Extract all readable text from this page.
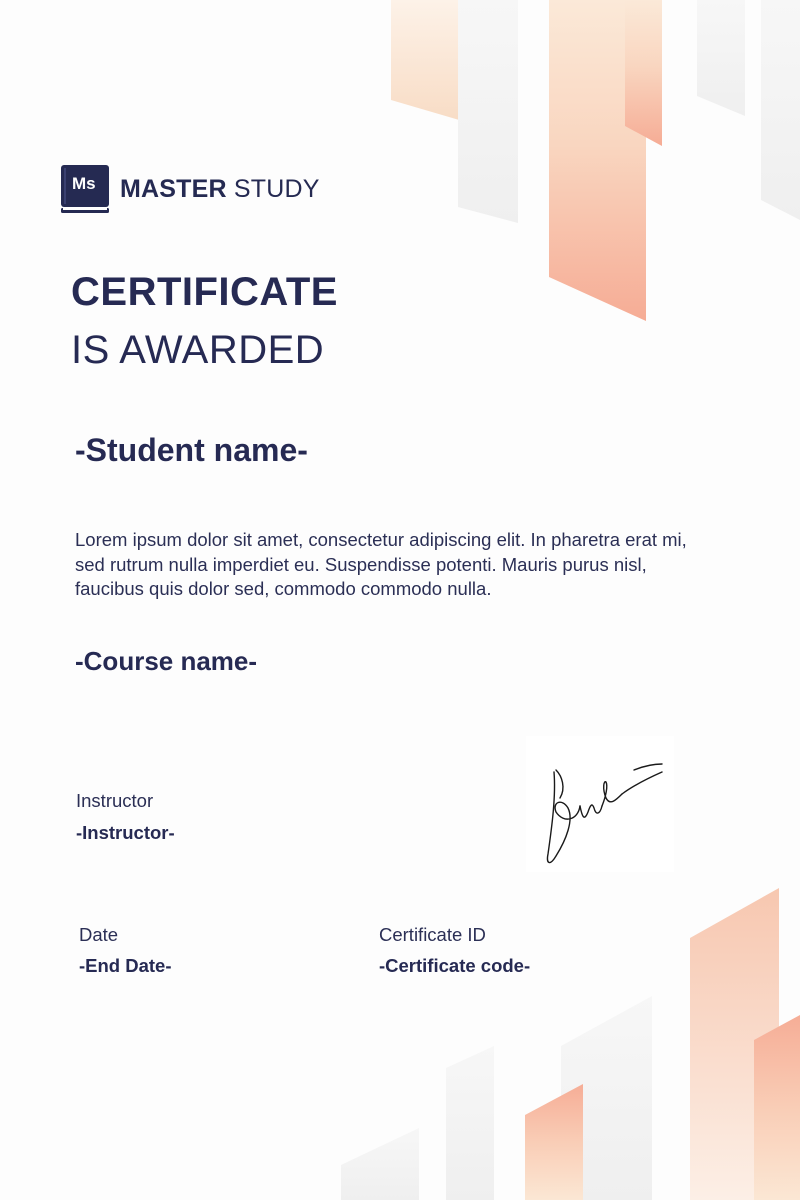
Ms MASTER STUDY
CERTIFICATE
IS AWARDED
-Student name-

Lorem ipsum dolor sit amet, consectetur adipiscing elit. In pharetra erat mi, sed rutrum nulla imperdiet eu. Suspendisse potenti. Mauris purus nisl, faucibus quis dolor sed, commodo commodo nulla.

-Course name-
Instructor
-Instructor-
Date
-End Date-
Certificate ID
-Certificate code-
